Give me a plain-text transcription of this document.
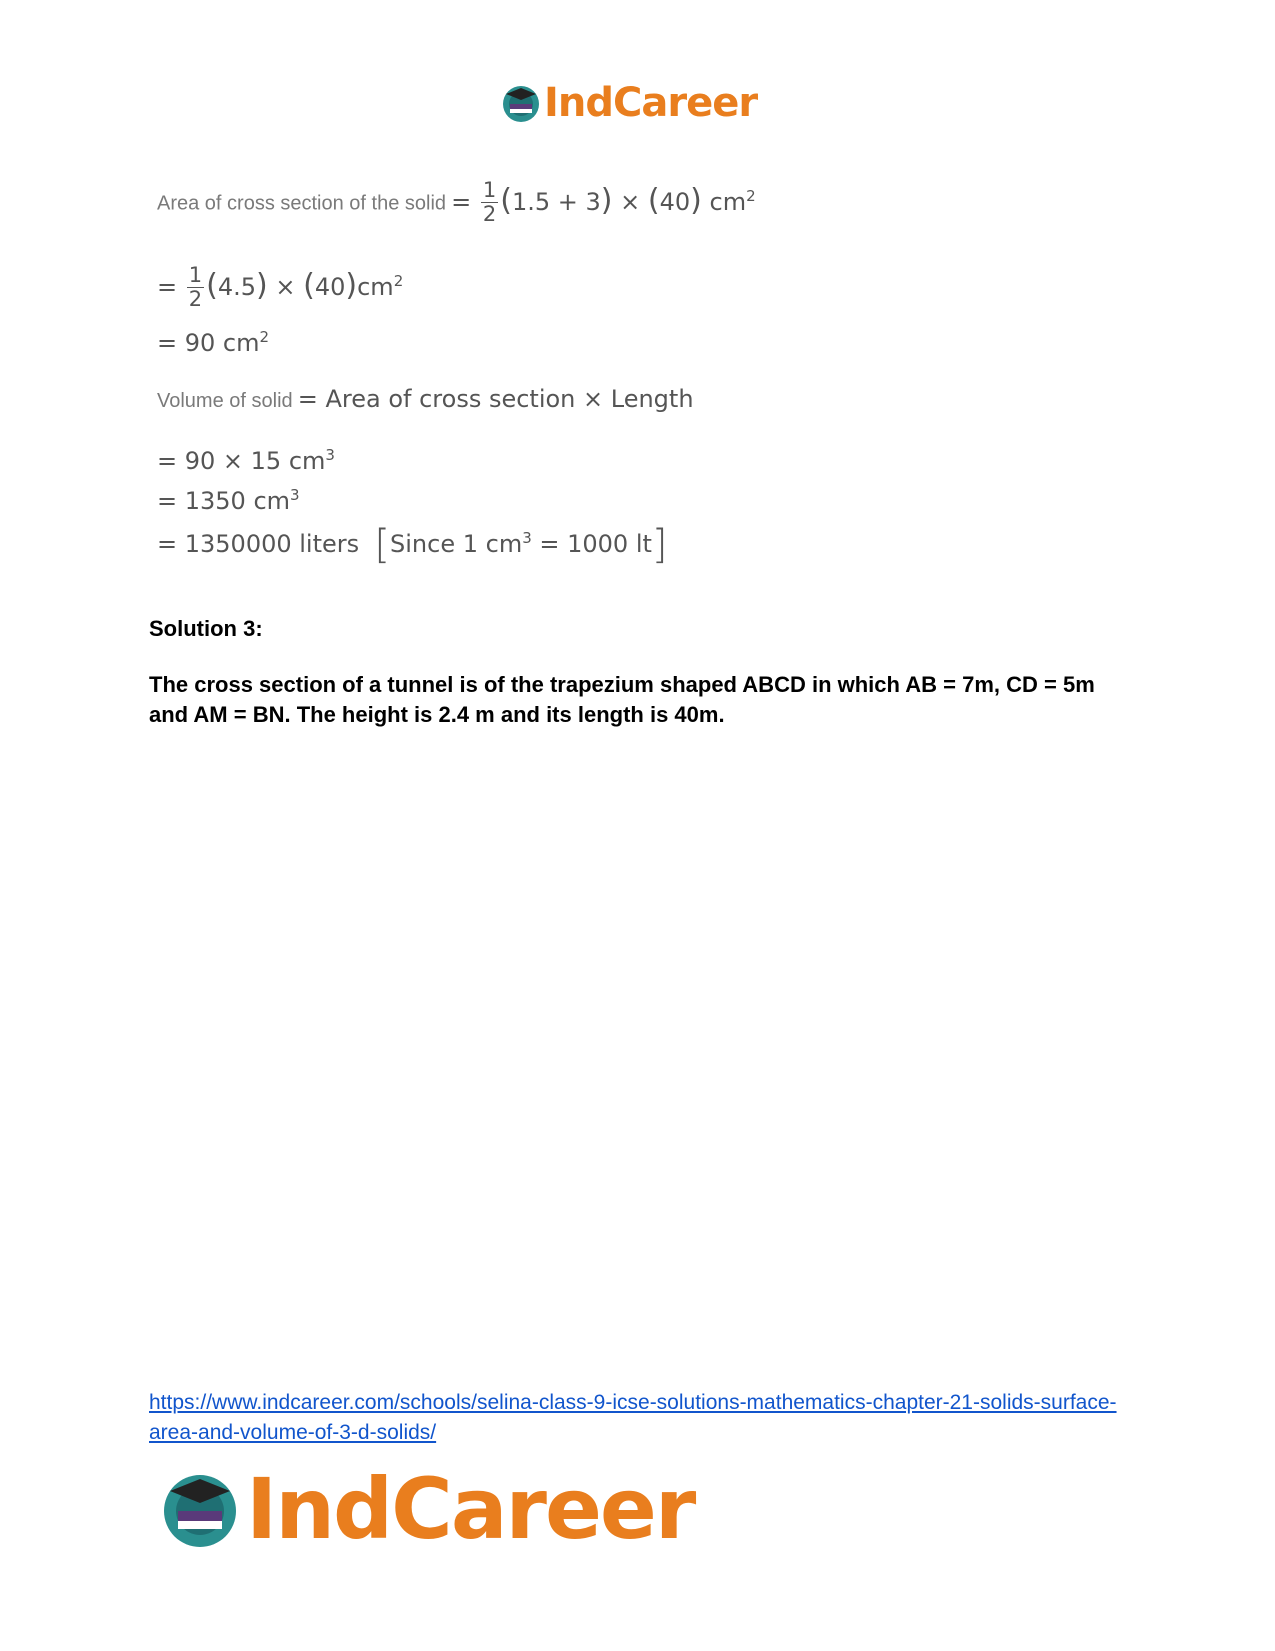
IndCareer
Area of cross section of the solid = $\frac{1}{2} (1.5 + 3) \times (40)$ $cm^2$
= $\frac{1}{2} (4.5) \times (40)cm^2$
= 90 $cm^2$
Volume of solid = Area of cross section × Length
= 90 × 15 $cm^3$
= 1350 $cm^3$
= 1350000 liters [Since 1 $cm^3 = 1000$ lt]
Solution 3:
The cross section of a tunnel is of the trapezium shaped ABCD in which AB = 7m, CD = 5m and AM = BN. The height is 2.4 m and its length is 40m.
https://www.indcareer.com/schools/selina-class-9-icse-solutions-mathematics-chapter-21-solids-surface-area-and-volume-of-3-d-solids/
IndCareer
